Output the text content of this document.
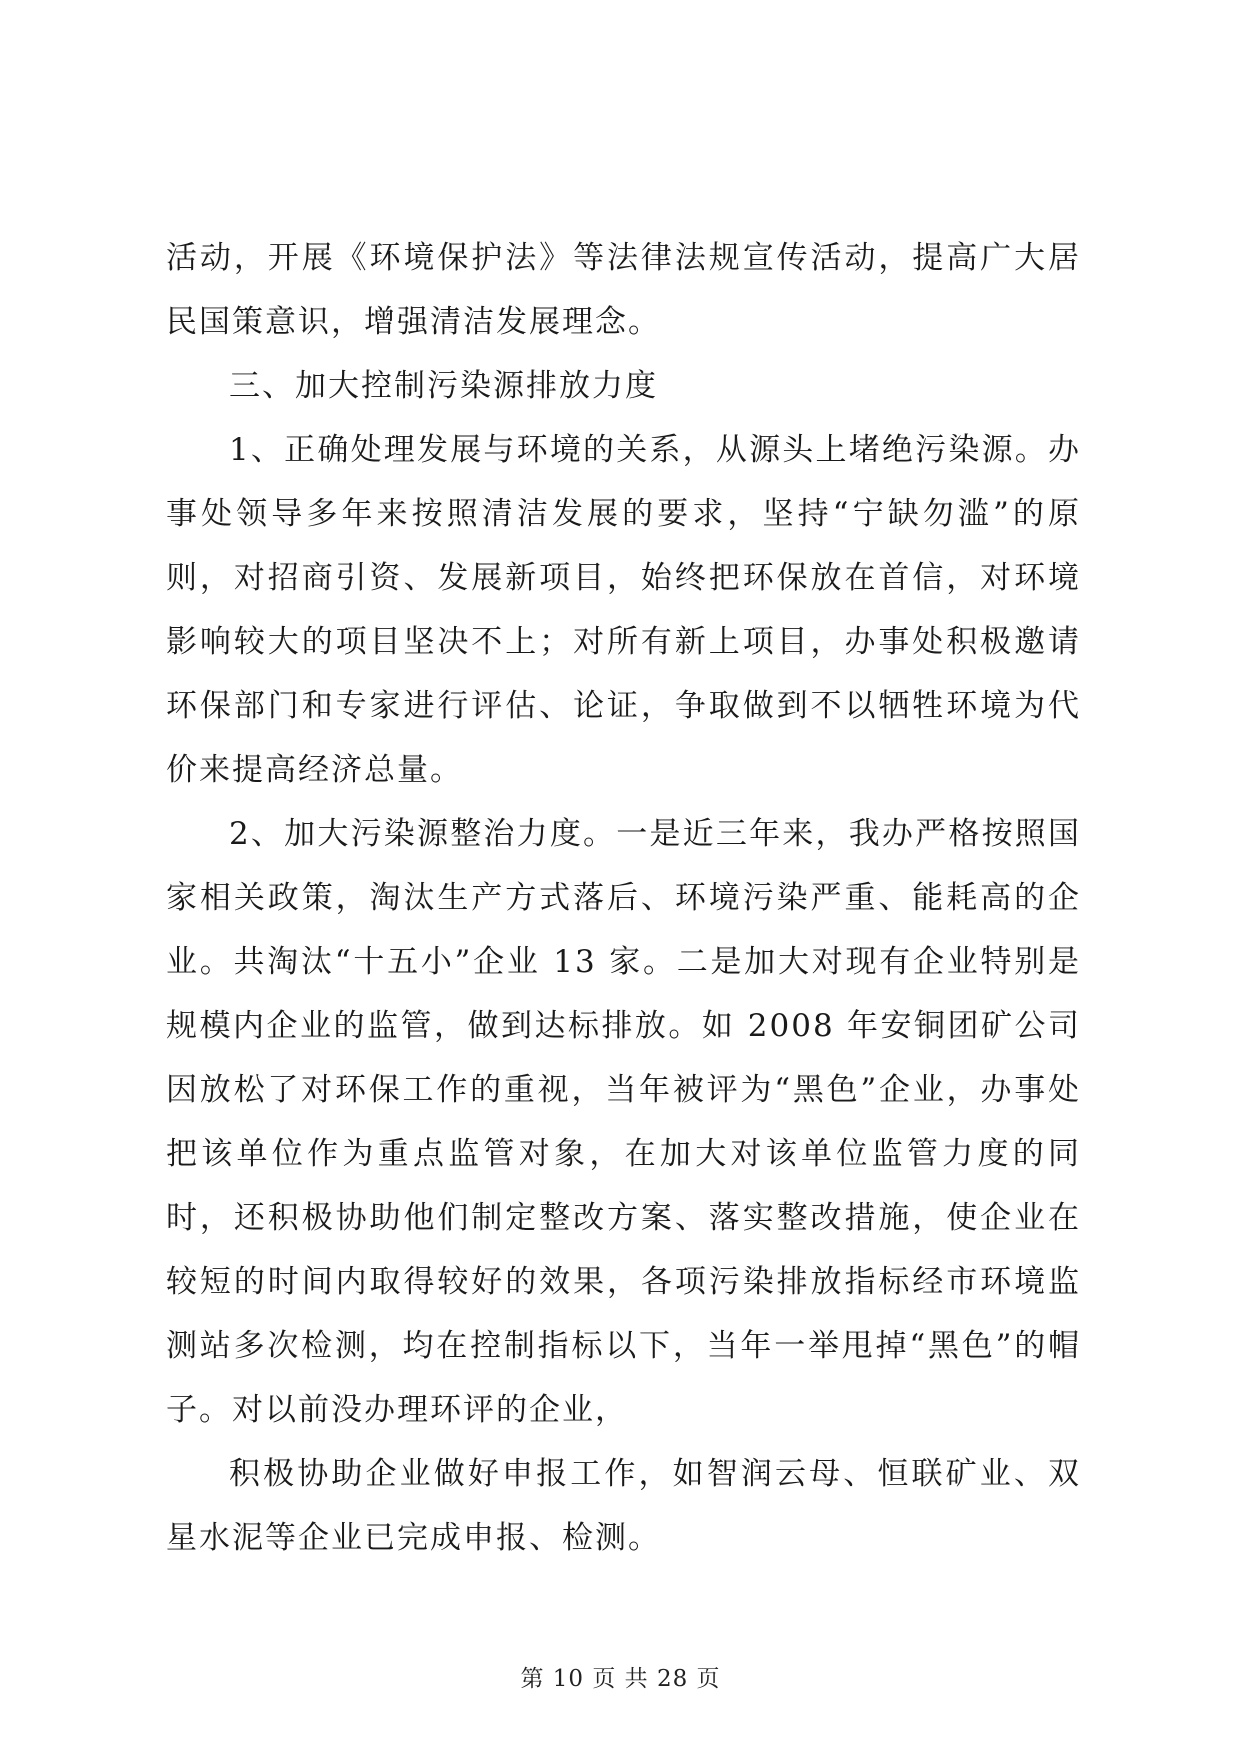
活动，开展《环境保护法》等法律法规宣传活动，提高广大居民国策意识，增强清洁发展理念。

三、加大控制污染源排放力度

1、正确处理发展与环境的关系，从源头上堵绝污染源。办事处领导多年来按照清洁发展的要求，坚持“宁缺勿滥”的原则，对招商引资、发展新项目，始终把环保放在首信，对环境影响较大的项目坚决不上；对所有新上项目，办事处积极邀请环保部门和专家进行评估、论证，争取做到不以牺牲环境为代价来提高经济总量。

2、加大污染源整治力度。一是近三年来，我办严格按照国家相关政策，淘汰生产方式落后、环境污染严重、能耗高的企业。共淘汰“十五小”企业 13 家。二是加大对现有企业特别是规模内企业的监管，做到达标排放。如 2008 年安铜团矿公司因放松了对环保工作的重视，当年被评为“黑色”企业，办事处把该单位作为重点监管对象，在加大对该单位监管力度的同时，还积极协助他们制定整改方案、落实整改措施，使企业在较短的时间内取得较好的效果，各项污染排放指标经市环境监测站多次检测，均在控制指标以下，当年一举甩掉“黑色”的帽子。对以前没办理环评的企业，

积极协助企业做好申报工作，如智润云母、恒联矿业、双星水泥等企业已完成申报、检测。

第 10 页 共 28 页
